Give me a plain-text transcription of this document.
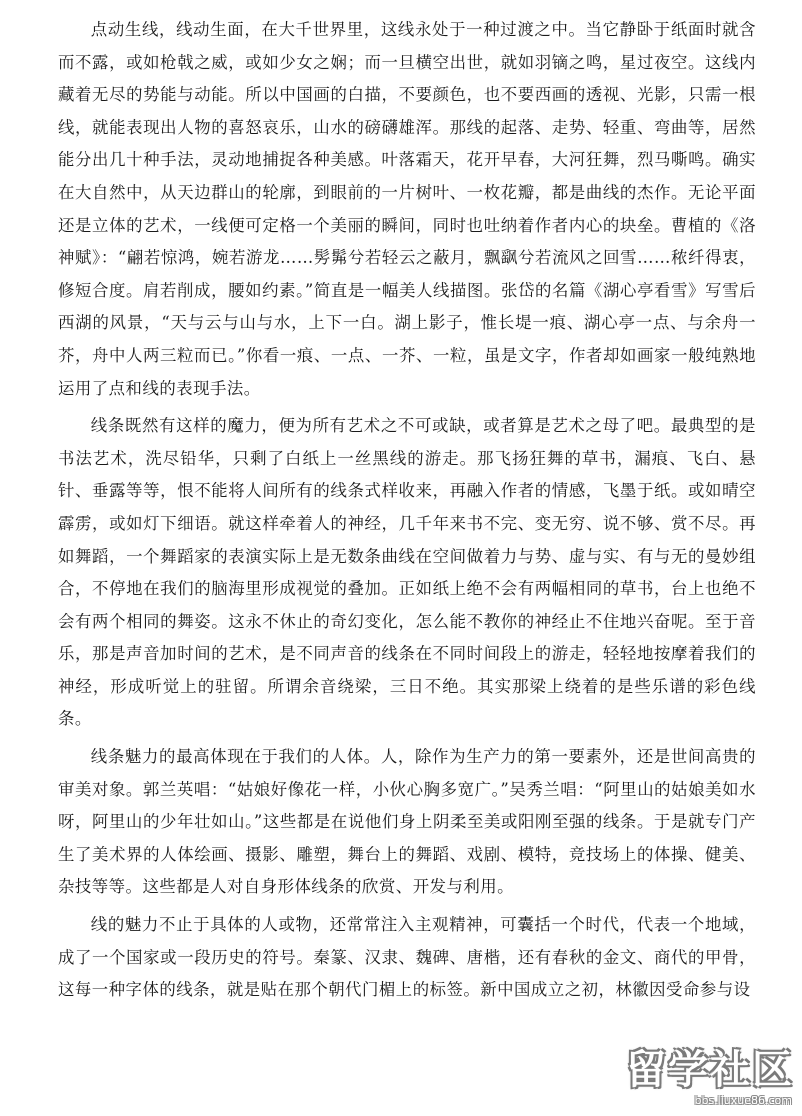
点动生线，线动生面，在大千世界里，这线永处于一种过渡之中。当它静卧于纸面时就含而不露，或如枪戟之威，或如少女之娴；而一旦横空出世，就如羽镝之鸣，星过夜空。这线内藏着无尽的势能与动能。所以中国画的白描，不要颜色，也不要西画的透视、光影，只需一根线，就能表现出人物的喜怒哀乐，山水的磅礴雄浑。那线的起落、走势、轻重、弯曲等，居然能分出几十种手法，灵动地捕捉各种美感。叶落霜天，花开早春，大河狂舞，烈马嘶鸣。确实在大自然中，从天边群山的轮廓，到眼前的一片树叶、一枚花瓣，都是曲线的杰作。无论平面还是立体的艺术，一线便可定格一个美丽的瞬间，同时也吐纳着作者内心的块垒。曹植的《洛神赋》：“翩若惊鸿，婉若游龙……髣髴兮若轻云之蔽月，飘飖兮若流风之回雪……秾纤得衷，修短合度。肩若削成，腰如约素。”简直是一幅美人线描图。张岱的名篇《湖心亭看雪》写雪后西湖的风景，“天与云与山与水，上下一白。湖上影子，惟长堤一痕、湖心亭一点、与余舟一芥，舟中人两三粒而已。”你看一痕、一点、一芥、一粒，虽是文字，作者却如画家一般纯熟地运用了点和线的表现手法。

线条既然有这样的魔力，便为所有艺术之不可或缺，或者算是艺术之母了吧。最典型的是书法艺术，洗尽铅华，只剩了白纸上一丝黑线的游走。那飞扬狂舞的草书，漏痕、飞白、悬针、垂露等等，恨不能将人间所有的线条式样收来，再融入作者的情感，飞墨于纸。或如晴空霹雳，或如灯下细语。就这样牵着人的神经，几千年来书不完、变无穷、说不够、赏不尽。再如舞蹈，一个舞蹈家的表演实际上是无数条曲线在空间做着力与势、虚与实、有与无的曼妙组合，不停地在我们的脑海里形成视觉的叠加。正如纸上绝不会有两幅相同的草书，台上也绝不会有两个相同的舞姿。这永不休止的奇幻变化，怎么能不教你的神经止不住地兴奋呢。至于音乐，那是声音加时间的艺术，是不同声音的线条在不同时间段上的游走，轻轻地按摩着我们的神经，形成听觉上的驻留。所谓余音绕梁，三日不绝。其实那梁上绕着的是些乐谱的彩色线条。

线条魅力的最高体现在于我们的人体。人，除作为生产力的第一要素外，还是世间高贵的审美对象。郭兰英唱：“姑娘好像花一样，小伙心胸多宽广。”吴秀兰唱：“阿里山的姑娘美如水呀，阿里山的少年壮如山。”这些都是在说他们身上阴柔至美或阳刚至强的线条。于是就专门产生了美术界的人体绘画、摄影、雕塑，舞台上的舞蹈、戏剧、模特，竞技场上的体操、健美、杂技等等。这些都是人对自身形体线条的欣赏、开发与利用。

线的魅力不止于具体的人或物，还常常注入主观精神，可囊括一个时代，代表一个地域，成了一个国家或一段历史的符号。秦篆、汉隶、魏碑、唐楷，还有春秋的金文、商代的甲骨，这每一种字体的线条，就是贴在那个朝代门楣上的标签。新中国成立之初，林徽因受命参与设

留学社区
bbs.liuxue86.com
